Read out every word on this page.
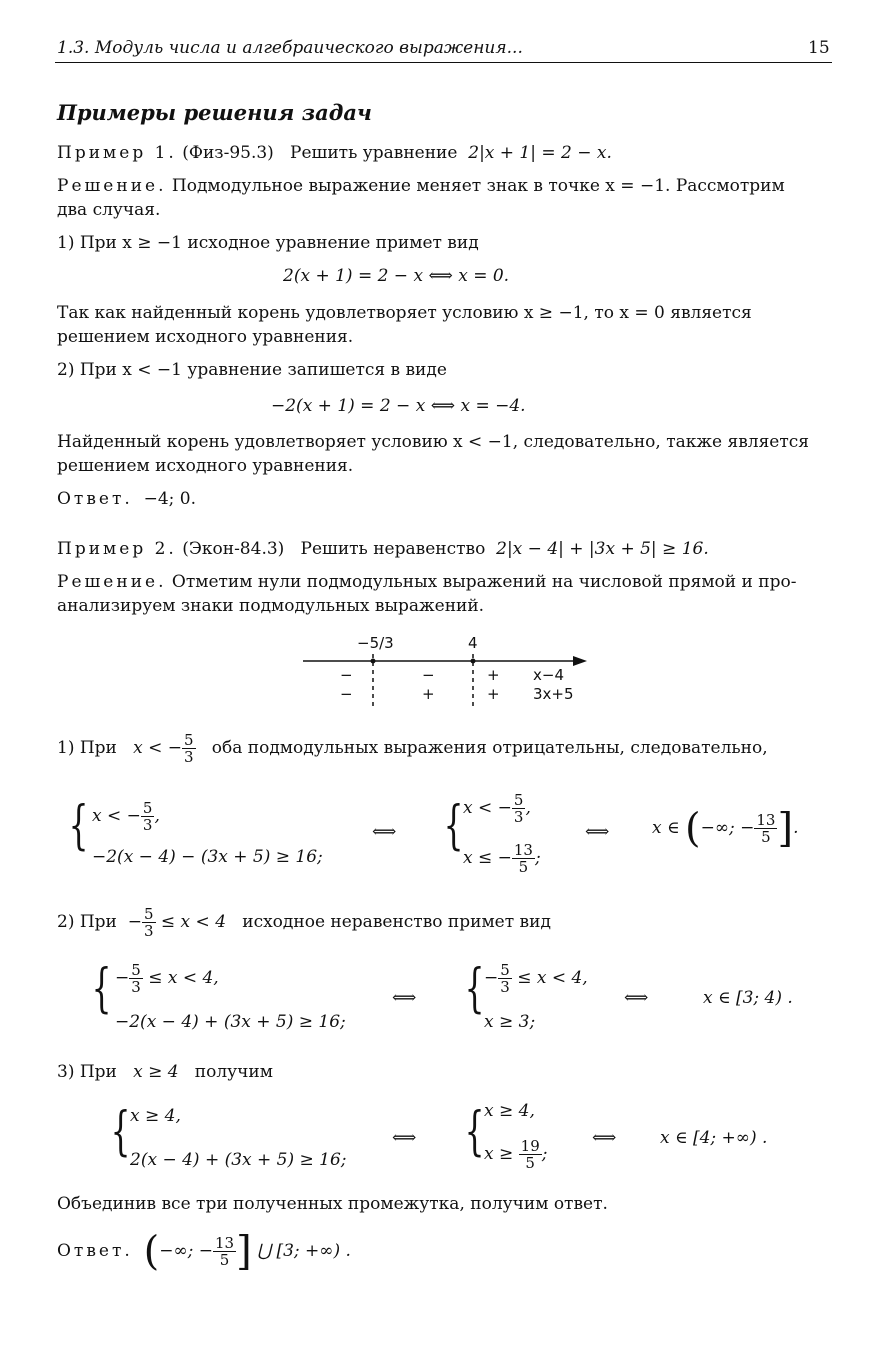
1.3. Модуль числа и алгебраического выражения...	15
Примеры решения задач
Пример 1. (Физ-95.3) Решить уравнение 2|x + 1| = 2 − x.
Решение. Подмодульное выражение меняет знак в точке x = −1. Рассмотрим
два случая.
1) При x ≥ −1 исходное уравнение примет вид
2(x + 1) = 2 − x ⟺ x = 0.
Так как найденный корень удовлетворяет условию x ≥ −1, то x = 0 является
решением исходного уравнения.
2) При x < −1 уравнение запишется в виде
−2(x + 1) = 2 − x ⟺ x = −4.
Найденный корень удовлетворяет условию x < −1, следовательно, также является
решением исходного уравнения.
Ответ. −4; 0.
Пример 2. (Экон-84.3) Решить неравенство 2|x − 4| + |3x + 5| ≥ 16.
Решение. Отметим нули подмодульных выражений на числовой прямой и про-
анализируем знаки подмодульных выражений.
−5/3	4
−	−	+ x−4
−	+	+ 3x+5
1) При x < − $\frac{5}{3}$ оба подмодульных выражения отрицательны, следовательно,
{ x < − $\frac{5}{3}$ ,
−2(x − 4) − (3x + 5) ≥ 16;
⟺ { x < − $\frac{5}{3}$ ,
x ≤ − $\frac{13}{5}$ ;
⟺	x ∈ (−∞; − $\frac{13}{5}$ ].
2) При − $\frac{5}{3} \le x < 4$ исходное неравенство примет вид
{ − $\frac{5}{3} \le x < 4$,
−2(x − 4) + (3x + 5) ≥ 16;
⟺ { − $\frac{5}{3} \le x < 4$,
x ≥ 3;
⟺	x ∈ [3; 4) .
3) При x ≥ 4 получим
{ x ≥ 4,
2(x − 4) + (3x + 5) ≥ 16;
⟺ { x ≥ 4,
$x \ge \frac{19}{5}$ ;
⟺	x ∈ [4; +∞) .
Объединив все три полученных промежутка, получим ответ.
Ответ. (−∞; − $\frac{13}{5}$ ] ⋃ [3; +∞) .
